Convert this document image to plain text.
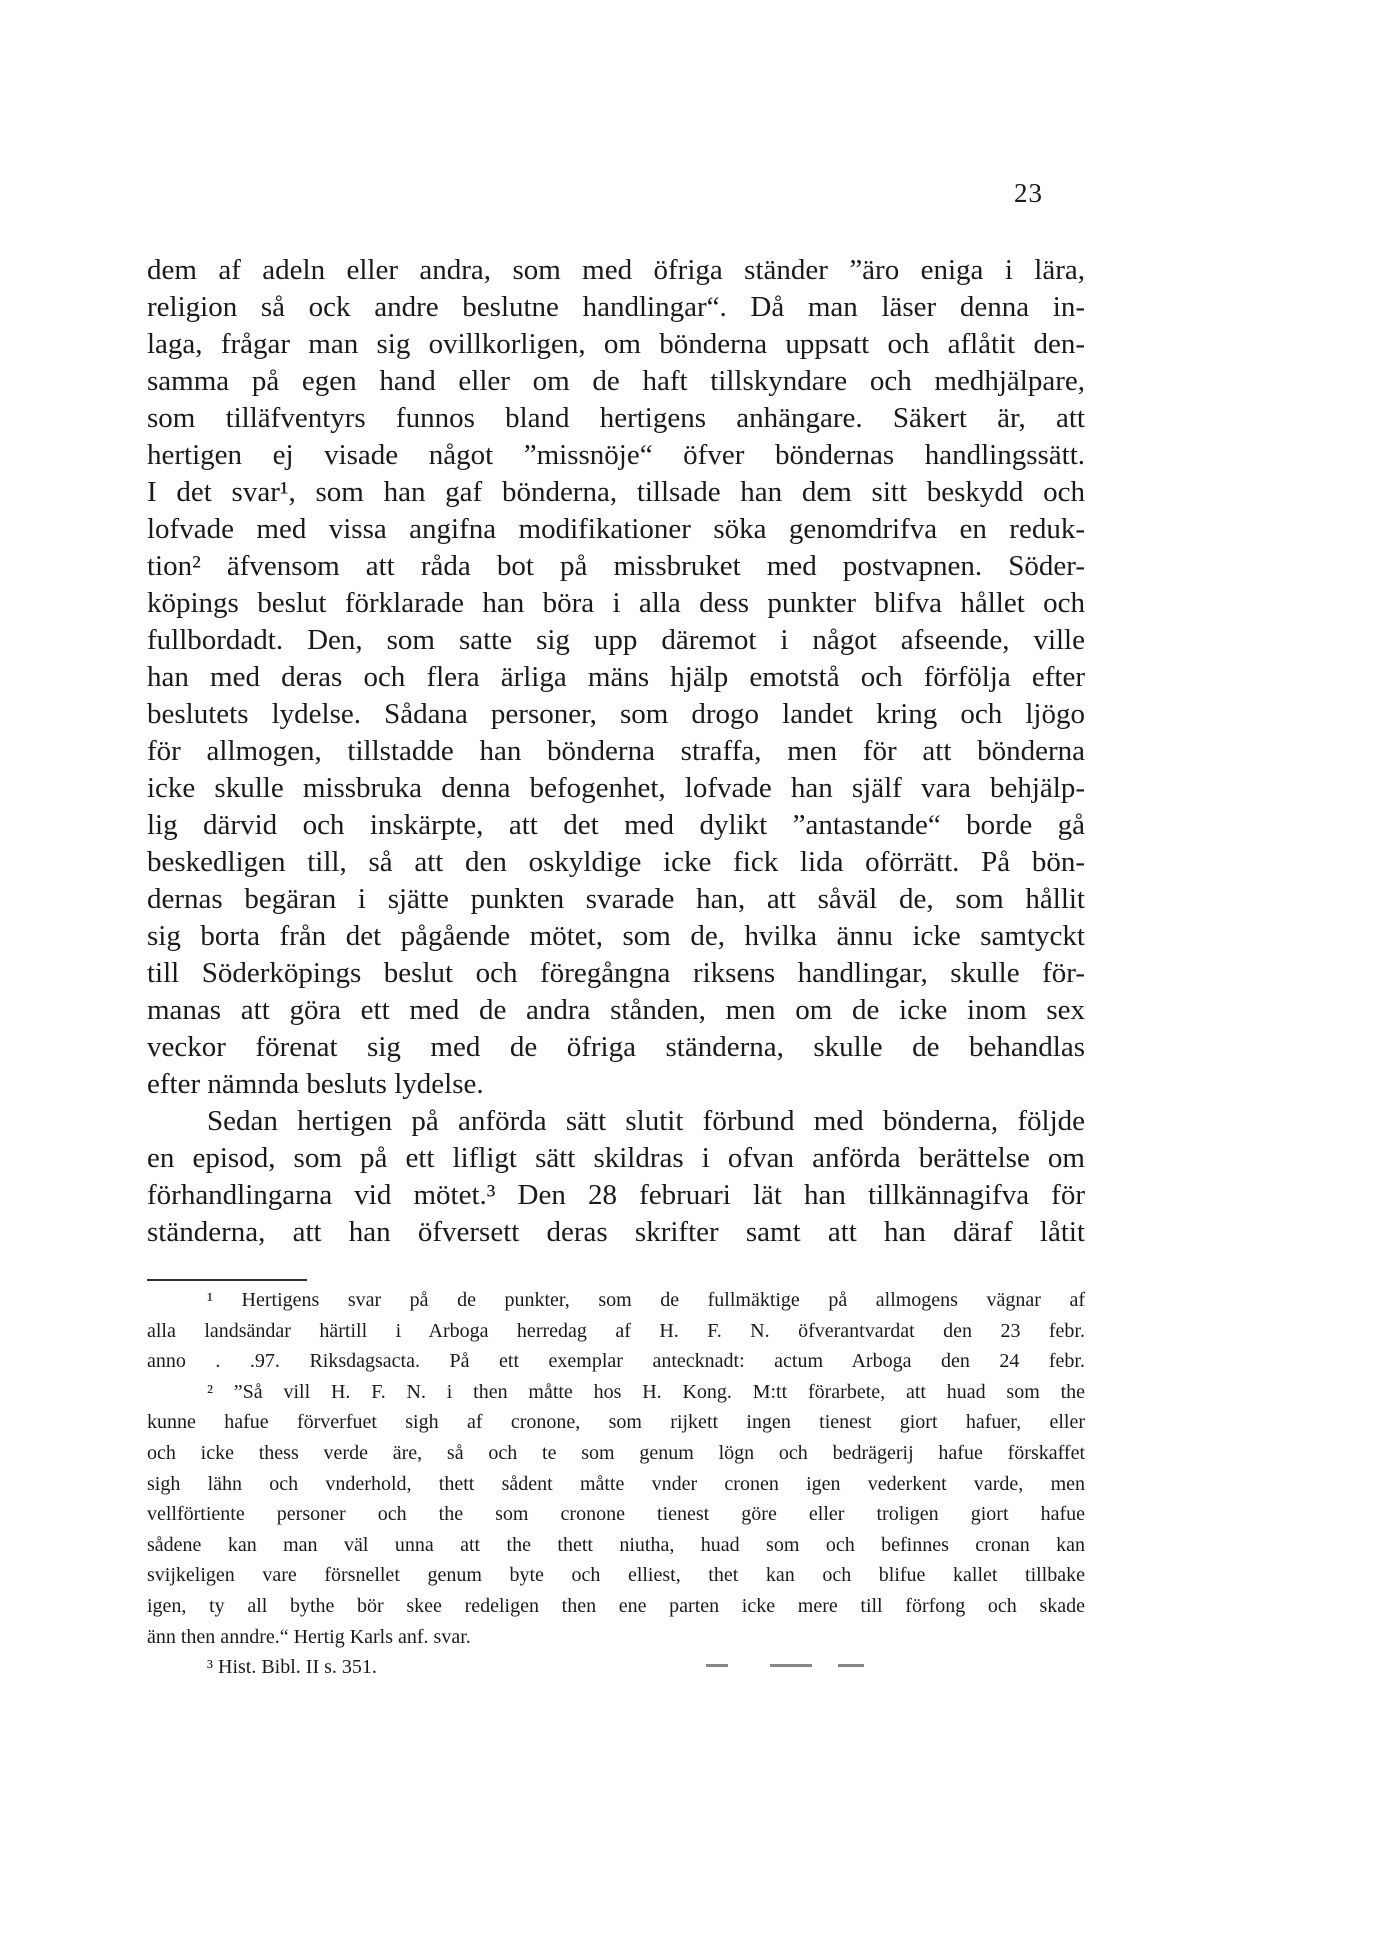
23
dem af adeln eller andra, som med öfriga ständer ”äro eniga i lära,
religion så ock andre beslutne handlingar“. Då man läser denna in-
laga, frågar man sig ovillkorligen, om bönderna uppsatt och aflåtit den-
samma på egen hand eller om de haft tillskyndare och medhjälpare,
som tilläfventyrs funnos bland hertigens anhängare. Säkert är, att
hertigen ej visade något ”missnöje“ öfver böndernas handlingssätt.
I det svar¹, som han gaf bönderna, tillsade han dem sitt beskydd och
lofvade med vissa angifna modifikationer söka genomdrifva en reduk-
tion² äfvensom att råda bot på missbruket med postvapnen. Söder-
köpings beslut förklarade han böra i alla dess punkter blifva hållet och
fullbordadt. Den, som satte sig upp däremot i något afseende, ville
han med deras och flera ärliga mäns hjälp emotstå och förfölja efter
beslutets lydelse. Sådana personer, som drogo landet kring och ljögo
för allmogen, tillstadde han bönderna straffa, men för att bönderna
icke skulle missbruka denna befogenhet, lofvade han själf vara behjälp-
lig därvid och inskärpte, att det med dylikt ”antastande“ borde gå
beskedligen till, så att den oskyldige icke fick lida oförrätt. På bön-
dernas begäran i sjätte punkten svarade han, att såväl de, som hållit
sig borta från det pågående mötet, som de, hvilka ännu icke samtyckt
till Söderköpings beslut och föregångna riksens handlingar, skulle för-
manas att göra ett med de andra stånden, men om de icke inom sex
veckor förenat sig med de öfriga ständerna, skulle de behandlas
efter nämnda besluts lydelse.
Sedan hertigen på anförda sätt slutit förbund med bönderna, följde
en episod, som på ett lifligt sätt skildras i ofvan anförda berättelse om
förhandlingarna vid mötet.³ Den 28 februari lät han tillkännagifva för
ständerna, att han öfversett deras skrifter samt att han däraf låtit
¹ Hertigens svar på de punkter, som de fullmäktige på allmogens vägnar af
alla landsändar härtill i Arboga herredag af H. F. N. öfverantvardat den 23 febr.
anno . .97. Riksdagsacta. På ett exemplar antecknadt: actum Arboga den 24 febr.
² ”Så vill H. F. N. i then måtte hos H. Kong. M:tt förarbete, att huad som the
kunne hafue förverfuet sigh af cronone, som rijkett ingen tienest giort hafuer, eller
och icke thess verde äre, så och te som genum lögn och bedrägerij hafue förskaffet
sigh lähn och vnderhold, thett sådent måtte vnder cronen igen vederkent varde, men
vellförtiente personer och the som cronone tienest göre eller troligen giort hafue
sådene kan man väl unna att the thett niutha, huad som och befinnes cronan kan
svijkeligen vare försnellet genum byte och elliest, thet kan och blifue kallet tillbake
igen, ty all bythe bör skee redeligen then ene parten icke mere till förfong och skade
änn then anndre.“ Hertig Karls anf. svar.
³ Hist. Bibl. II s. 351.
